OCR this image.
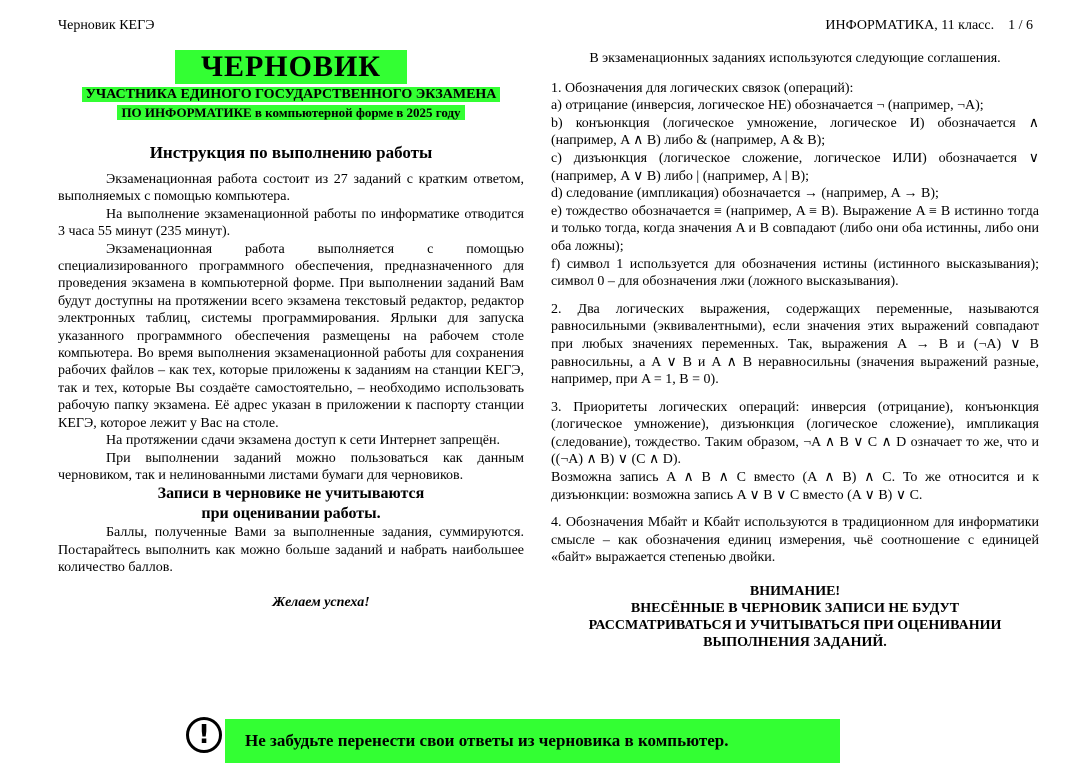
Черновик КЕГЭ	ИНФОРМАТИКА, 11 класс.    1 / 6
ЧЕРНОВИК
УЧАСТНИКА ЕДИНОГО ГОСУДАРСТВЕННОГО ЭКЗАМЕНА
ПО ИНФОРМАТИКЕ в компьютерной форме в 2025 году
Инструкция по выполнению работы

Экзаменационная работа состоит из 27 заданий с кратким ответом, выполняемых с помощью компьютера.

На выполнение экзаменационной работы по информатике отводится 3 часа 55 минут (235 минут).

Экзаменационная работа выполняется с помощью специализированного программного обеспечения, предназначенного для проведения экзамена в компьютерной форме. При выполнении заданий Вам будут доступны на протяжении всего экзамена текстовый редактор, редактор электронных таблиц, системы программирования. Ярлыки для запуска указанного программного обеспечения размещены на рабочем столе компьютера. Во время выполнения экзаменационной работы для сохранения рабочих файлов – как тех, которые приложены к заданиям на станции КЕГЭ, так и тех, которые Вы создаёте самостоятельно, – необходимо использовать рабочую папку экзамена. Её адрес указан в приложении к паспорту станции КЕГЭ, которое лежит у Вас на столе.

На протяжении сдачи экзамена доступ к сети Интернет запрещён.

При выполнении заданий можно пользоваться как данным черновиком, так и нелинованными листами бумаги для черновиков.

Записи в черновике не учитываются

при оценивании работы.

Баллы, полученные Вами за выполненные задания, суммируются. Постарайтесь выполнить как можно больше заданий и набрать наибольшее количество баллов.

Желаем успеха!

В экзаменационных заданиях используются следующие соглашения.

1. Обозначения для логических связок (операций):

a) отрицание (инверсия, логическое НЕ) обозначается ¬ (например, ¬A);

b) конъюнкция (логическое умножение, логическое И) обозначается ∧ (например, A ∧ B) либо & (например, A & B);

c) дизъюнкция (логическое сложение, логическое ИЛИ) обозначается ∨ (например, A ∨ B) либо | (например, A | B);

d) следование (импликация) обозначается → (например, A → B);

e) тождество обозначается ≡ (например, A ≡ B). Выражение A ≡ B истинно тогда и только тогда, когда значения A и B совпадают (либо они оба истинны, либо они оба ложны);

f) символ 1 используется для обозначения истины (истинного высказывания); символ 0 – для обозначения лжи (ложного высказывания).

2. Два логических выражения, содержащих переменные, называются равносильными (эквивалентными), если значения этих выражений совпадают при любых значениях переменных. Так, выражения A → B и (¬A) ∨ B равносильны, а A ∨ B и A ∧ B неравносильны (значения выражений разные, например, при A = 1, B = 0).

3. Приоритеты логических операций: инверсия (отрицание), конъюнкция (логическое умножение), дизъюнкция (логическое сложение), импликация (следование), тождество. Таким образом, ¬A ∧ B ∨ C ∧ D означает то же, что и ((¬A) ∧ B) ∨ (C ∧ D).

Возможна запись A ∧ B ∧ C вместо (A ∧ B) ∧ C. То же относится и к дизъюнкции: возможна запись A ∨ B ∨ C вместо (A ∨ B) ∨ C.

4. Обозначения Мбайт и Кбайт используются в традиционном для информатики смысле – как обозначения единиц измерения, чьё соотношение с единицей «байт» выражается степенью двойки.

ВНИМАНИЕ!
ВНЕСЁННЫЕ В ЧЕРНОВИК ЗАПИСИ НЕ БУДУТ
РАССМАТРИВАТЬСЯ И УЧИТЫВАТЬСЯ ПРИ ОЦЕНИВАНИИ
ВЫПОЛНЕНИЯ ЗАДАНИЙ.
Не забудьте перенести свои ответы из черновика в компьютер.
!
